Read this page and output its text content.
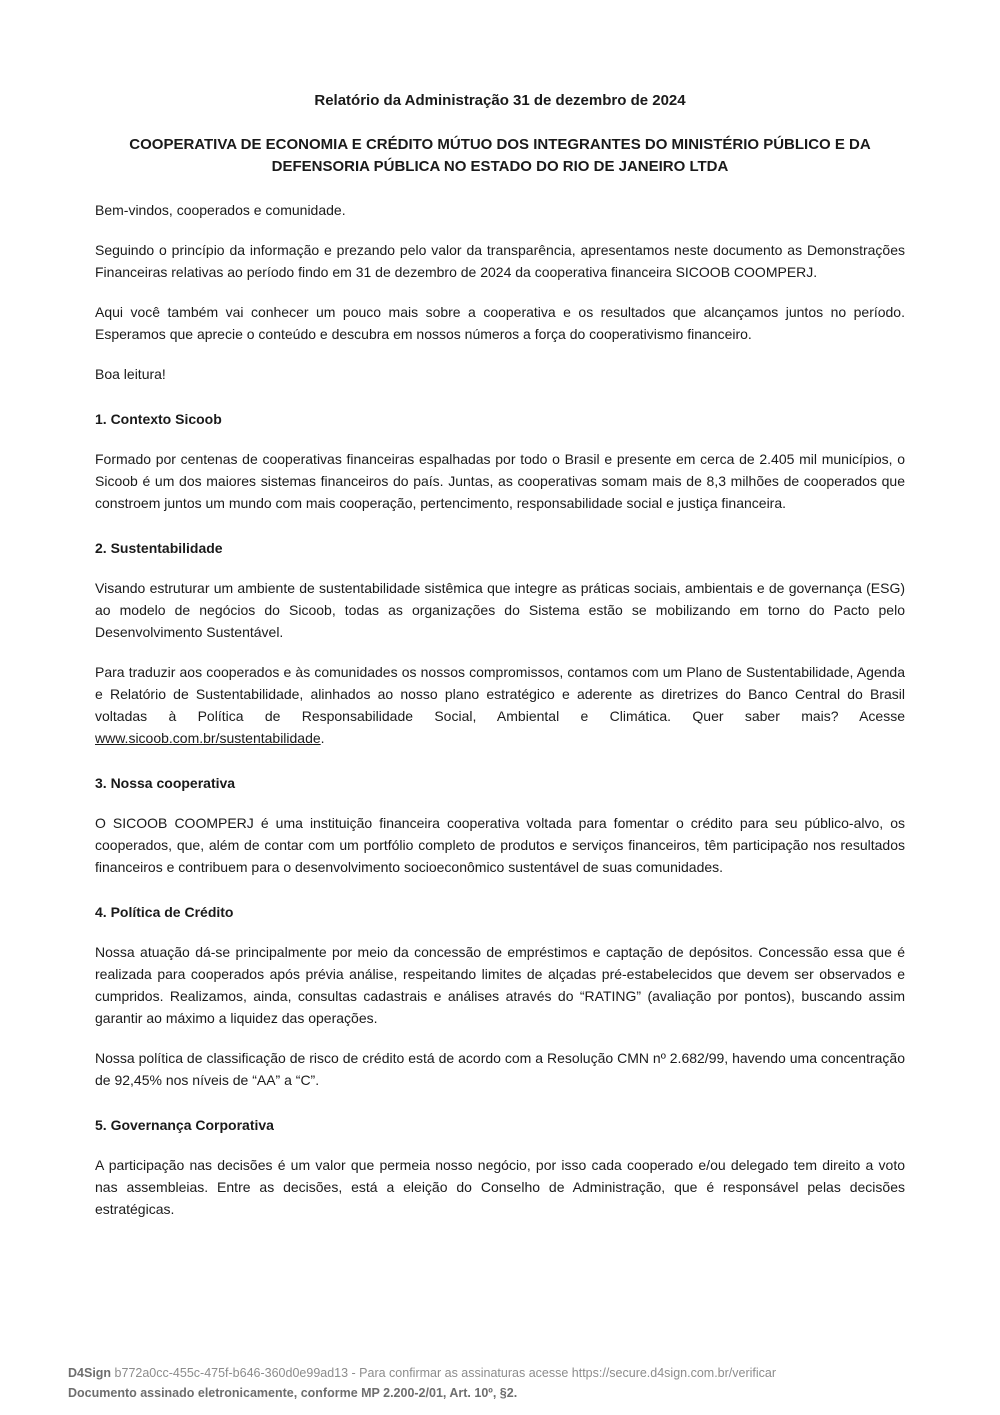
Relatório da Administração 31 de dezembro de 2024
COOPERATIVA DE ECONOMIA E CRÉDITO MÚTUO DOS INTEGRANTES DO MINISTÉRIO PÚBLICO E DA DEFENSORIA PÚBLICA NO ESTADO DO RIO DE JANEIRO LTDA

Bem-vindos, cooperados e comunidade.

Seguindo o princípio da informação e prezando pelo valor da transparência, apresentamos neste documento as Demonstrações Financeiras relativas ao período findo em 31 de dezembro de 2024 da cooperativa financeira SICOOB COOMPERJ.

Aqui você também vai conhecer um pouco mais sobre a cooperativa e os resultados que alcançamos juntos no período. Esperamos que aprecie o conteúdo e descubra em nossos números a força do cooperativismo financeiro.

Boa leitura!

1. Contexto Sicoob

Formado por centenas de cooperativas financeiras espalhadas por todo o Brasil e presente em cerca de 2.405 mil municípios, o Sicoob é um dos maiores sistemas financeiros do país. Juntas, as cooperativas somam mais de 8,3 milhões de cooperados que constroem juntos um mundo com mais cooperação, pertencimento, responsabilidade social e justiça financeira.

2. Sustentabilidade

Visando estruturar um ambiente de sustentabilidade sistêmica que integre as práticas sociais, ambientais e de governança (ESG) ao modelo de negócios do Sicoob, todas as organizações do Sistema estão se mobilizando em torno do Pacto pelo Desenvolvimento Sustentável.

Para traduzir aos cooperados e às comunidades os nossos compromissos, contamos com um Plano de Sustentabilidade, Agenda e Relatório de Sustentabilidade, alinhados ao nosso plano estratégico e aderente as diretrizes do Banco Central do Brasil voltadas à Política de Responsabilidade Social, Ambiental e Climática. Quer saber mais? Acesse www.sicoob.com.br/sustentabilidade.

3. Nossa cooperativa

O SICOOB COOMPERJ é uma instituição financeira cooperativa voltada para fomentar o crédito para seu público-alvo, os cooperados, que, além de contar com um portfólio completo de produtos e serviços financeiros, têm participação nos resultados financeiros e contribuem para o desenvolvimento socioeconômico sustentável de suas comunidades.

4. Política de Crédito

Nossa atuação dá-se principalmente por meio da concessão de empréstimos e captação de depósitos. Concessão essa que é realizada para cooperados após prévia análise, respeitando limites de alçadas pré-estabelecidos que devem ser observados e cumpridos. Realizamos, ainda, consultas cadastrais e análises através do “RATING” (avaliação por pontos), buscando assim garantir ao máximo a liquidez das operações.

Nossa política de classificação de risco de crédito está de acordo com a Resolução CMN nº 2.682/99, havendo uma concentração de 92,45% nos níveis de “AA” a “C”.

5. Governança Corporativa

A participação nas decisões é um valor que permeia nosso negócio, por isso cada cooperado e/ou delegado tem direito a voto nas assembleias. Entre as decisões, está a eleição do Conselho de Administração, que é responsável pelas decisões estratégicas.

D4Sign b772a0cc-455c-475f-b646-360d0e99ad13 - Para confirmar as assinaturas acesse https://secure.d4sign.com.br/verificar
Documento assinado eletronicamente, conforme MP 2.200-2/01, Art. 10º, §2.
